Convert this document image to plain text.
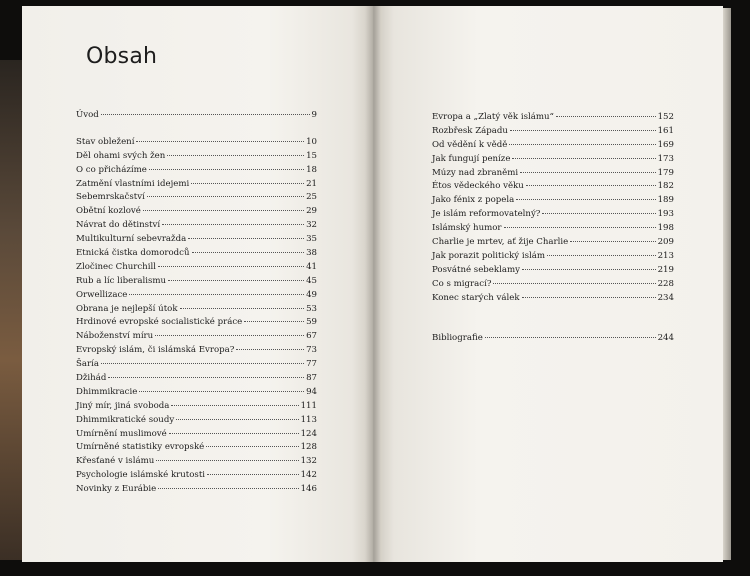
Obsah
Úvod	9
Stav obležení	10
Děl ohami svých žen	15
O co přicházíme	18
Zatmění vlastními idejemi	21
Sebemrskačství	25
Obětní kozlové	29
Návrat do dětinství	32
Multikulturní sebevražda	35
Etnická čistka domorodců	38
Zločinec Churchill	41
Rub a líc liberalismu	45
Orwellizace	49
Obrana je nejlepší útok	53
Hrdinové evropské socialistické práce	59
Náboženství míru	67
Evropský islám, či islámská Evropa?	73
Šaría	77
Džihád	87
Dhimmikracie	94
Jiný mír, jiná svoboda	111
Dhimmikratické soudy	113
Umírnění muslimové	124
Umírněné statistiky evropské	128
Křesťané v islámu	132
Psychologie islámské krutosti	142
Novinky z Eurábie	146
Evropa a „Zlatý věk islámu“	152
Rozbřesk Západu	161
Od vědění k vědě	169
Jak fungují peníze	173
Múzy nad zbraněmi	179
Étos vědeckého věku	182
Jako fénix z popela	189
Je islám reformovatelný?	193
Islámský humor	198
Charlie je mrtev, ať žije Charlie	209
Jak porazit politický islám	213
Posvátné sebeklamy	219
Co s migrací?	228
Konec starých válek	234
Bibliografie	244
